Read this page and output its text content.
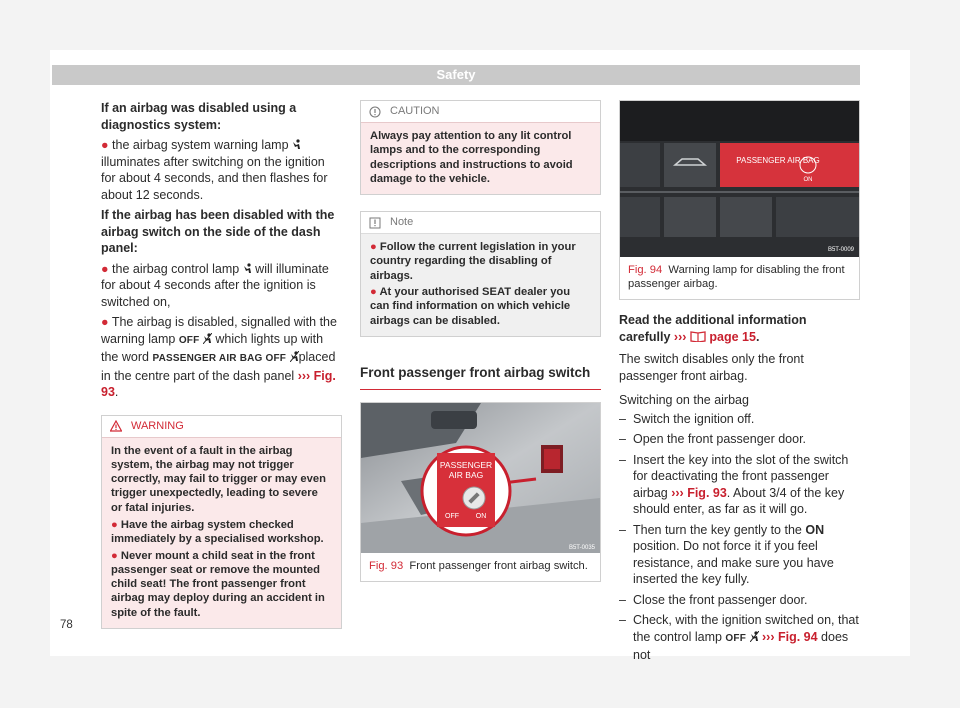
Safety

If an airbag was disabled using a diagnostics system:

● the airbag system warning lamp  illuminates after switching on the ignition for about 4 seconds, and then flashes for about 12 seconds.

If the airbag has been disabled with the airbag switch on the side of the dash panel:

● the airbag control lamp will illuminate for about 4 seconds after the ignition is switched on,

● The airbag is disabled, signalled with the warning lamp OFF which lights up with the word PASSENGER AIR BAG OFF placed in the centre part of the dash panel ››› Fig. 93.

WARNING
In the event of a fault in the airbag system, the airbag may not trigger correctly, may fail to trigger or may even trigger unexpectedly, leading to severe or fatal injuries.
● Have the airbag system checked immediately by a specialised workshop.
● Never mount a child seat in the front passenger seat or remove the mounted child seat! The front passenger front airbag may deploy during an accident in spite of the fault.
CAUTION
Always pay attention to any lit control lamps and to the corresponding descriptions and instructions to avoid damage to the vehicle.
Note
● Follow the current legislation in your country regarding the disabling of airbags.
● At your authorised SEAT dealer you can find information on which vehicle airbags can be disabled.
Front passenger front airbag switch
PASSENGER
AIR BAG
OFF ON
B5T-0035
Fig. 93 Front passenger front airbag switch.
PASSENGER AIR BAG
ON
B5T-0009
Fig. 94 Warning lamp for disabling the front passenger airbag.

Read the additional information carefully ››› page 15.

The switch disables only the front passenger front airbag.

Switching on the airbag

– Switch the ignition off.
– Open the front passenger door.
– Insert the key into the slot of the switch for deactivating the front passenger airbag ››› Fig. 93. About 3/4 of the key should enter, as far as it will go.
– Then turn the key gently to the ON position. Do not force it if you feel resistance, and make sure you have inserted the key fully.
– Close the front passenger door.
– Check, with the ignition switched on, that the control lamp OFF ››› Fig. 94 does not
78
